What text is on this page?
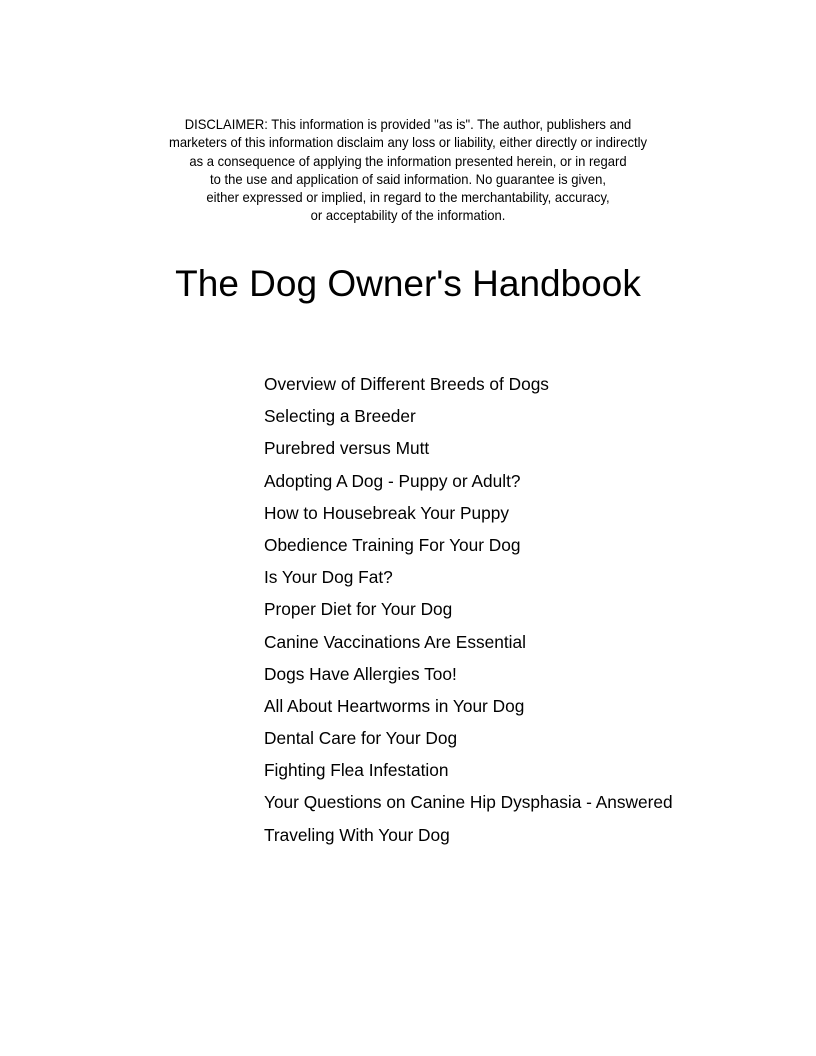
DISCLAIMER: This information is provided "as is". The author, publishers and
marketers of this information disclaim any loss or liability, either directly or indirectly
as a consequence of applying the information presented herein, or in regard
to the use and application of said information. No guarantee is given,
either expressed or implied, in regard to the merchantability, accuracy,
or acceptability of the information.
The Dog Owner's Handbook
Overview of Different Breeds of Dogs
Selecting a Breeder
Purebred versus Mutt
Adopting A Dog - Puppy or Adult?
How to Housebreak Your Puppy
Obedience Training For Your Dog
Is Your Dog Fat?
Proper Diet for Your Dog
Canine Vaccinations Are Essential
Dogs Have Allergies Too!
All About Heartworms in Your Dog
Dental Care for Your Dog
Fighting Flea Infestation
Your Questions on Canine Hip Dysphasia - Answered
Traveling With Your Dog
